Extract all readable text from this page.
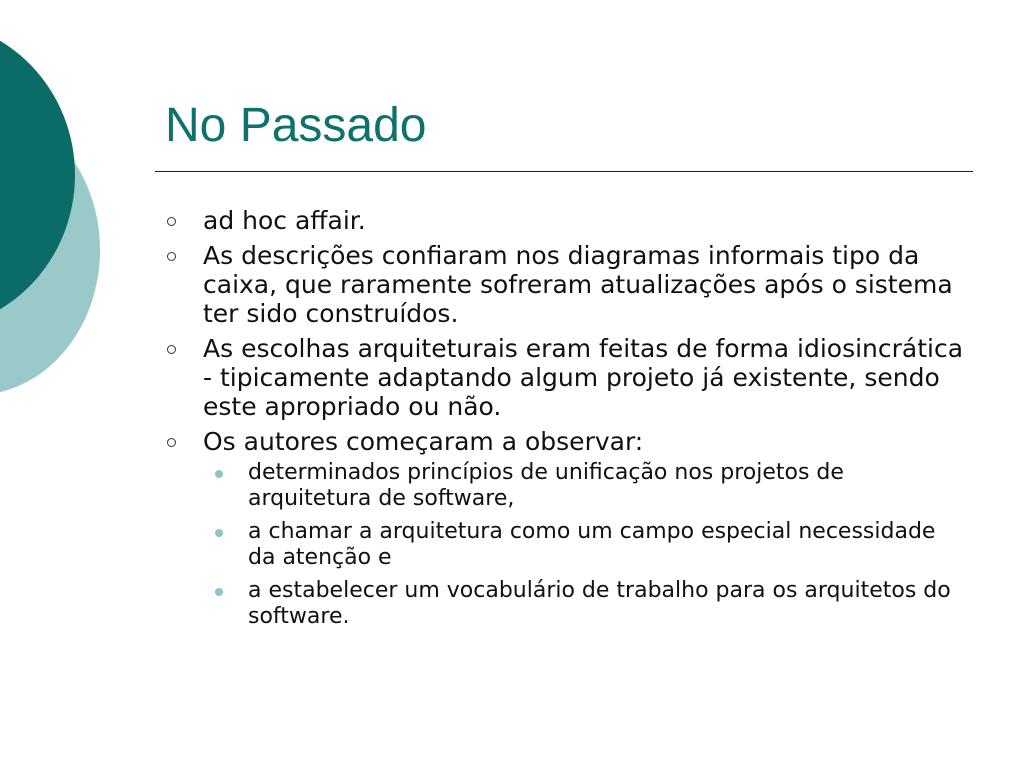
No Passado
ad hoc affair.
As descrições confiaram nos diagramas informais tipo da caixa, que raramente sofreram atualizações após o sistema ter sido construídos.
As escolhas arquiteturais eram feitas de forma idiosincrática - tipicamente adaptando algum projeto já existente, sendo este apropriado ou não.
Os autores começaram a observar:
determinados princípios de unificação nos projetos de arquitetura de software,
a chamar a arquitetura como um campo especial necessidade da atenção e
a estabelecer um vocabulário de trabalho para os arquitetos do software.
